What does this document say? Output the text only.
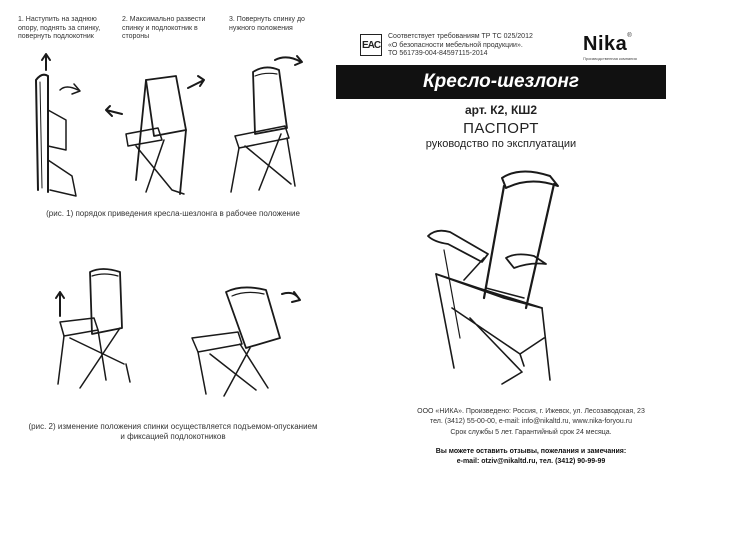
1. Наступить на заднюю опору, поднять за спинку, повернуть подлокотник
2. Максимально развести спинку и подлокотник в стороны
3. Повернуть спинку до нужного положения
(рис. 1) порядок приведения кресла-шезлонга в рабочее положение
(рис. 2) изменение положения спинки осуществляется подъемом-опусканием
и фиксацией подлокотников
EAC
Соответствует требованиям ТР ТС 025/2012
«О безопасности мебельной продукции».
ТО 561739-004-84597115-2014	Nika®
Производственная компания
Кресло-шезлонг
арт. К2, КШ2
ПАСПОРТ
руководство по эксплуатации
ООО «НИКА». Произведено: Россия, г. Ижевск, ул. Лесозаводская, 23
тел. (3412) 55-00-00, e-mail: info@nikaltd.ru, www.nika-foryou.ru
Срок службы 5 лет. Гарантийный срок 24 месяца.
Вы можете оставить отзывы, пожелания и замечания:
e-mail: otziv@nikaltd.ru, тел. (3412) 90-99-99
